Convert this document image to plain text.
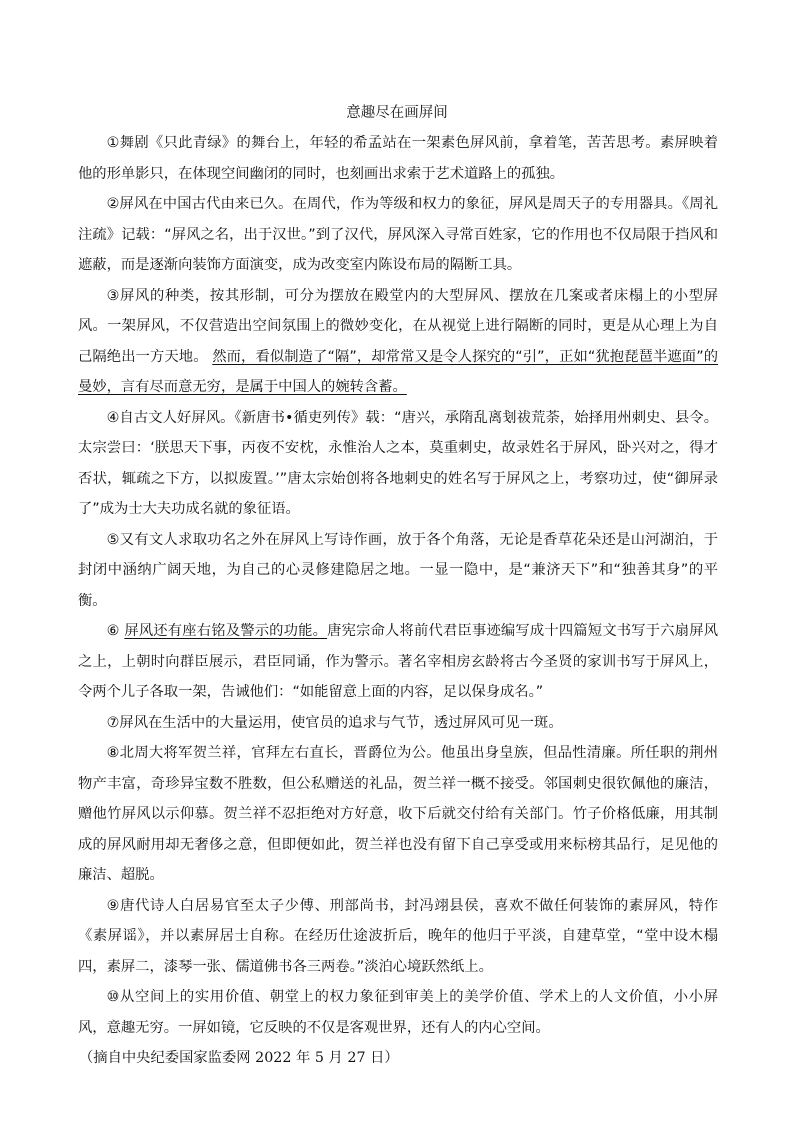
意趣尽在画屏间

①舞剧《只此青绿》的舞台上，年轻的希孟站在一架素色屏风前，拿着笔，苦苦思考。素屏映着他的形单影只，在体现空间幽闭的同时，也刻画出求索于艺术道路上的孤独。

②屏风在中国古代由来已久。在周代，作为等级和权力的象征，屏风是周天子的专用器具。《周礼注疏》记载：“屏风之名，出于汉世。”到了汉代，屏风深入寻常百姓家，它的作用也不仅局限于挡风和遮蔽，而是逐渐向装饰方面演变，成为改变室内陈设布局的隔断工具。

③屏风的种类，按其形制，可分为摆放在殿堂内的大型屏风、摆放在几案或者床榻上的小型屏风。一架屏风，不仅营造出空间氛围上的微妙变化，在从视觉上进行隔断的同时，更是从心理上为自己隔绝出一方天地。 然而，看似制造了“隔”，却常常又是令人探究的“引”，正如“犹抱琵琶半遮面”的曼妙，言有尽而意无穷，是属于中国人的婉转含蓄。

④自古文人好屏风。《新唐书•循吏列传》载：“唐兴，承隋乱离刬祓荒荼，始择用州刺史、县令。太宗尝曰：‘朕思天下事，丙夜不安枕，永惟治人之本，莫重刺史，故录姓名于屏风，卧兴对之，得才否状，辄疏之下方，以拟废置。’”唐太宗始创将各地刺史的姓名写于屏风之上，考察功过，使“御屏录了”成为士大夫功成名就的象征语。

⑤又有文人求取功名之外在屏风上写诗作画，放于各个角落，无论是香草花朵还是山河湖泊，于封闭中涵纳广阔天地，为自己的心灵修建隐居之地。一显一隐中，是“兼济天下”和“独善其身”的平衡。

⑥ 屏风还有座右铭及警示的功能。唐宪宗命人将前代君臣事迹编写成十四篇短文书写于六扇屏风之上，上朝时向群臣展示，君臣同诵，作为警示。著名宰相房玄龄将古今圣贤的家训书写于屏风上，令两个儿子各取一架，告诫他们：“如能留意上面的内容，足以保身成名。”

⑦屏风在生活中的大量运用，使官员的追求与气节，透过屏风可见一斑。

⑧北周大将军贺兰祥，官拜左右直长，晋爵位为公。他虽出身皇族，但品性清廉。所任职的荆州物产丰富，奇珍异宝数不胜数，但公私赠送的礼品，贺兰祥一概不接受。邻国刺史很钦佩他的廉洁，赠他竹屏风以示仰慕。贺兰祥不忍拒绝对方好意，收下后就交付给有关部门。竹子价格低廉，用其制成的屏风耐用却无奢侈之意，但即便如此，贺兰祥也没有留下自己享受或用来标榜其品行，足见他的廉洁、超脱。

⑨唐代诗人白居易官至太子少傅、刑部尚书，封冯翊县侯，喜欢不做任何装饰的素屏风，特作《素屏谣》，并以素屏居士自称。在经历仕途波折后，晚年的他归于平淡，自建草堂，“堂中设木榻四，素屏二，漆琴一张、儒道佛书各三两卷。”淡泊心境跃然纸上。

⑩从空间上的实用价值、朝堂上的权力象征到审美上的美学价值、学术上的人文价值，小小屏风，意趣无穷。一屏如镜，它反映的不仅是客观世界，还有人的内心空间。

（摘自中央纪委国家监委网 2022 年 5 月 27 日）
